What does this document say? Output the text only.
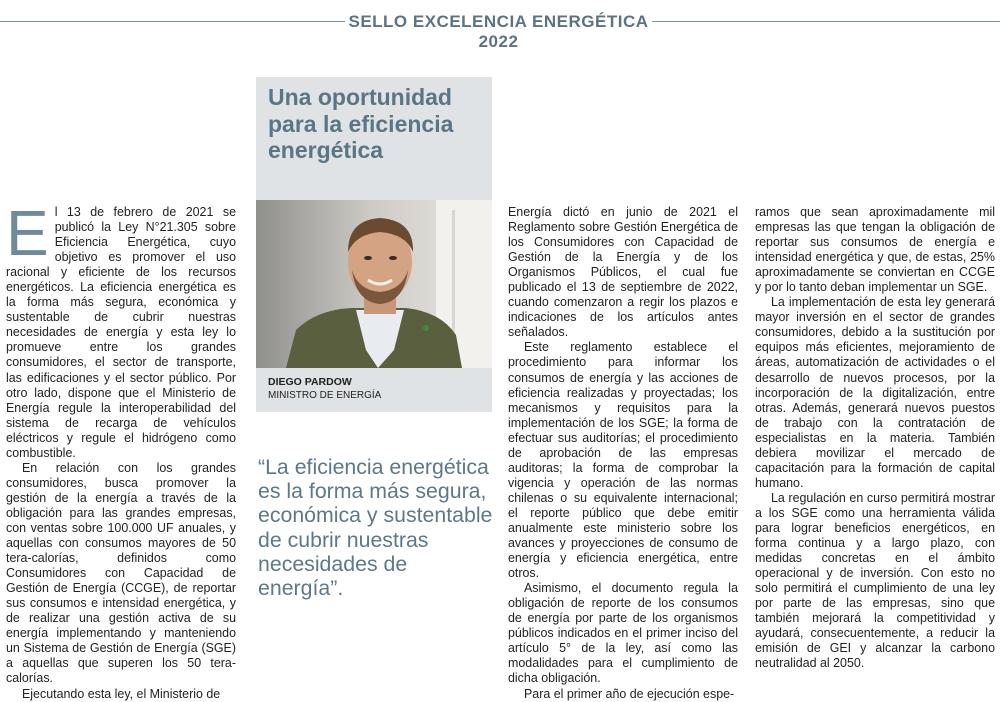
SELLO EXCELENCIA ENERGÉTICA 2022
Una oportunidad para la eficiencia energética
DIEGO PARDOW
MINISTRO DE ENERGÍA
“La eficiencia energética es la forma más segura, económica y sustentable de cubrir nuestras necesidades de energía”.

El 13 de febrero de 2021 se publicó la Ley N°21.305 sobre Eficiencia Energética, cuyo objetivo es promover el uso racional y eficiente de los recursos energéticos. La eficiencia energética es la forma más segura, económica y sustentable de cubrir nuestras necesidades de energía y esta ley lo promueve entre los grandes consumidores, el sector de transporte, las edificaciones y el sector público. Por otro lado, dispone que el Ministerio de Energía regule la interoperabilidad del sistema de recarga de vehículos eléctricos y regule el hidrógeno como combustible.

En relación con los grandes consumidores, busca promover la gestión de la energía a través de la obligación para las grandes empresas, con ventas sobre 100.000 UF anuales, y aquellas con consumos mayores de 50 tera-calorías, definidos como Consumidores con Capacidad de Gestión de Energía (CCGE), de reportar sus consumos e intensidad energética, y de realizar una gestión activa de su energía implementando y manteniendo un Sistema de Gestión de Energía (SGE) a aquellas que superen los 50 tera-calorías.

Ejecutando esta ley, el Ministerio de

Energía dictó en junio de 2021 el Reglamento sobre Gestión Energética de los Consumidores con Capacidad de Gestión de la Energía y de los Organismos Públicos, el cual fue publicado el 13 de septiembre de 2022, cuando comenzaron a regir los plazos e indicaciones de los artículos antes señalados.

Este reglamento establece el procedimiento para informar los consumos de energía y las acciones de eficiencia realizadas y proyectadas; los mecanismos y requisitos para la implementación de los SGE; la forma de efectuar sus auditorías; el procedimiento de aprobación de las empresas auditoras; la forma de comprobar la vigencia y operación de las normas chilenas o su equivalente internacional; el reporte público que debe emitir anualmente este ministerio sobre los avances y proyecciones de consumo de energía y eficiencia energética, entre otros.

Asimismo, el documento regula la obligación de reporte de los consumos de energía por parte de los organismos públicos indicados en el primer inciso del artículo 5° de la ley, así como las modalidades para el cumplimiento de dicha obligación.

Para el primer año de ejecución espe-

ramos que sean aproximadamente mil empresas las que tengan la obligación de reportar sus consumos de energía e intensidad energética y que, de estas, 25% aproximadamente se conviertan en CCGE y por lo tanto deban implementar un SGE.

La implementación de esta ley generará mayor inversión en el sector de grandes consumidores, debido a la sustitución por equipos más eficientes, mejoramiento de áreas, automatización de actividades o el desarrollo de nuevos procesos, por la incorporación de la digitalización, entre otras. Además, generará nuevos puestos de trabajo con la contratación de especialistas en la materia. También debiera movilizar el mercado de capacitación para la formación de capital humano.

La regulación en curso permitirá mostrar a los SGE como una herramienta válida para lograr beneficios energéticos, en forma continua y a largo plazo, con medidas concretas en el ámbito operacional y de inversión. Con esto no solo permitirá el cumplimiento de una ley por parte de las empresas, sino que también mejorará la competitividad y ayudará, consecuentemente, a reducir la emisión de GEI y alcanzar la carbono neutralidad al 2050.
